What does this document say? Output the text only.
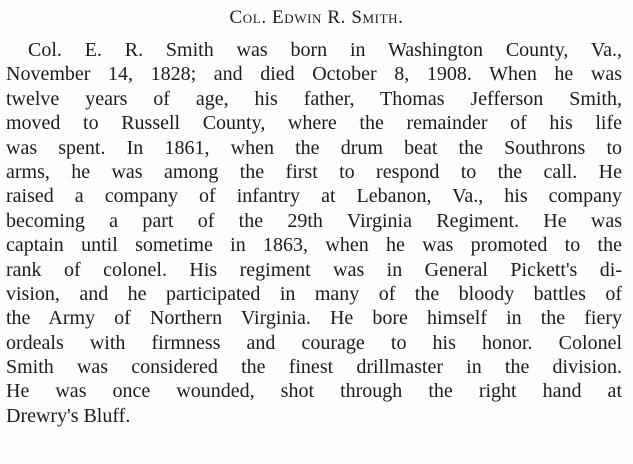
Col. Edwin R. Smith.
Col. E. R. Smith was born in Washington County, Va.,
November 14, 1828; and died October 8, 1908. When he was
twelve years of age, his father, Thomas Jefferson Smith,
moved to Russell County, where the remainder of his life
was spent. In 1861, when the drum beat the Southrons to
arms, he was among the first to respond to the call. He
raised a company of infantry at Lebanon, Va., his company
becoming a part of the 29th Virginia Regiment. He was
captain until sometime in 1863, when he was promoted to the
rank of colonel. His regiment was in General Pickett's di-
vision, and he participated in many of the bloody battles of
the Army of Northern Virginia. He bore himself in the fiery
ordeals with firmness and courage to his honor. Colonel
Smith was considered the finest drillmaster in the division.
He was once wounded, shot through the right hand at
Drewry's Bluff.
